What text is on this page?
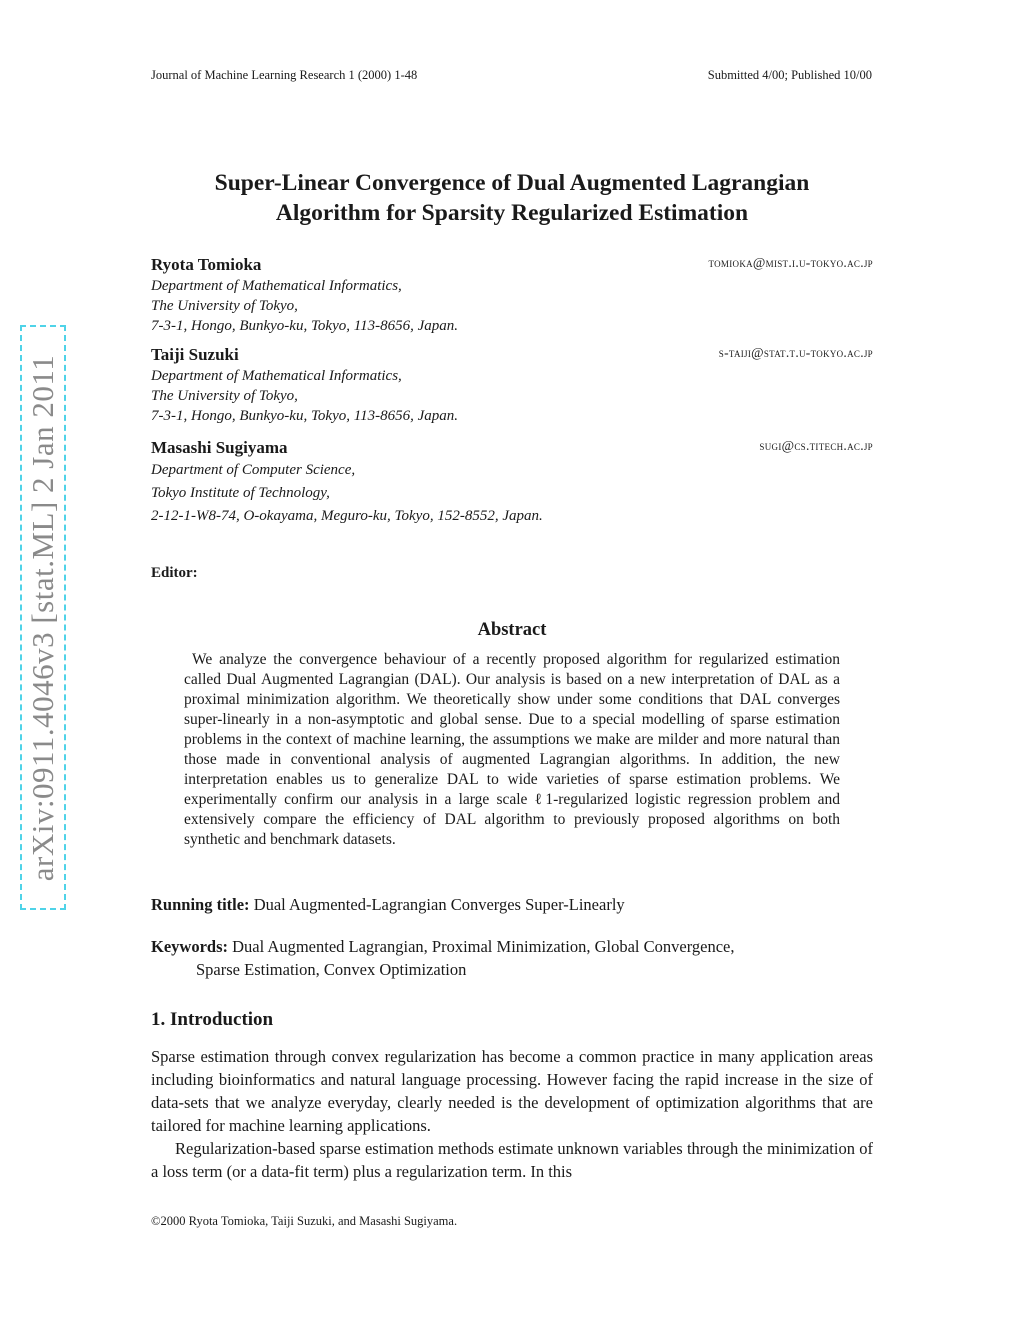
arXiv:0911.4046v3 [stat.ML] 2 Jan 2011
Journal of Machine Learning Research 1 (2000) 1-48	Submitted 4/00; Published 10/00
Super-Linear Convergence of Dual Augmented Lagrangian
Algorithm for Sparsity Regularized Estimation
Ryota Tomioka	tomioka@mist.i.u-tokyo.ac.jp
Department of Mathematical Informatics,
The University of Tokyo,
7-3-1, Hongo, Bunkyo-ku, Tokyo, 113-8656, Japan.
Taiji Suzuki	s-taiji@stat.t.u-tokyo.ac.jp
Department of Mathematical Informatics,
The University of Tokyo,
7-3-1, Hongo, Bunkyo-ku, Tokyo, 113-8656, Japan.
Masashi Sugiyama	sugi@cs.titech.ac.jp
Department of Computer Science,
Tokyo Institute of Technology,
2-12-1-W8-74, O-okayama, Meguro-ku, Tokyo, 152-8552, Japan.
Editor:
Abstract

We analyze the convergence behaviour of a recently proposed algorithm for regularized estimation called Dual Augmented Lagrangian (DAL). Our analysis is based on a new interpretation of DAL as a proximal minimization algorithm. We theoretically show under some conditions that DAL converges super-linearly in a non-asymptotic and global sense. Due to a special modelling of sparse estimation problems in the context of machine learning, the assumptions we make are milder and more natural than those made in conventional analysis of augmented Lagrangian algorithms. In addition, the new interpretation enables us to generalize DAL to wide varieties of sparse estimation problems. We experimentally confirm our analysis in a large scale ℓ1-regularized logistic regression problem and extensively compare the efficiency of DAL algorithm to previously proposed algorithms on both synthetic and benchmark datasets.

Running title: Dual Augmented-Lagrangian Converges Super-Linearly
Keywords: Dual Augmented Lagrangian, Proximal Minimization, Global Convergence,
Sparse Estimation, Convex Optimization
1. Introduction

Sparse estimation through convex regularization has become a common practice in many application areas including bioinformatics and natural language processing. However facing the rapid increase in the size of data-sets that we analyze everyday, clearly needed is the development of optimization algorithms that are tailored for machine learning applications.

Regularization-based sparse estimation methods estimate unknown variables through the minimization of a loss term (or a data-fit term) plus a regularization term. In this

©2000 Ryota Tomioka, Taiji Suzuki, and Masashi Sugiyama.
